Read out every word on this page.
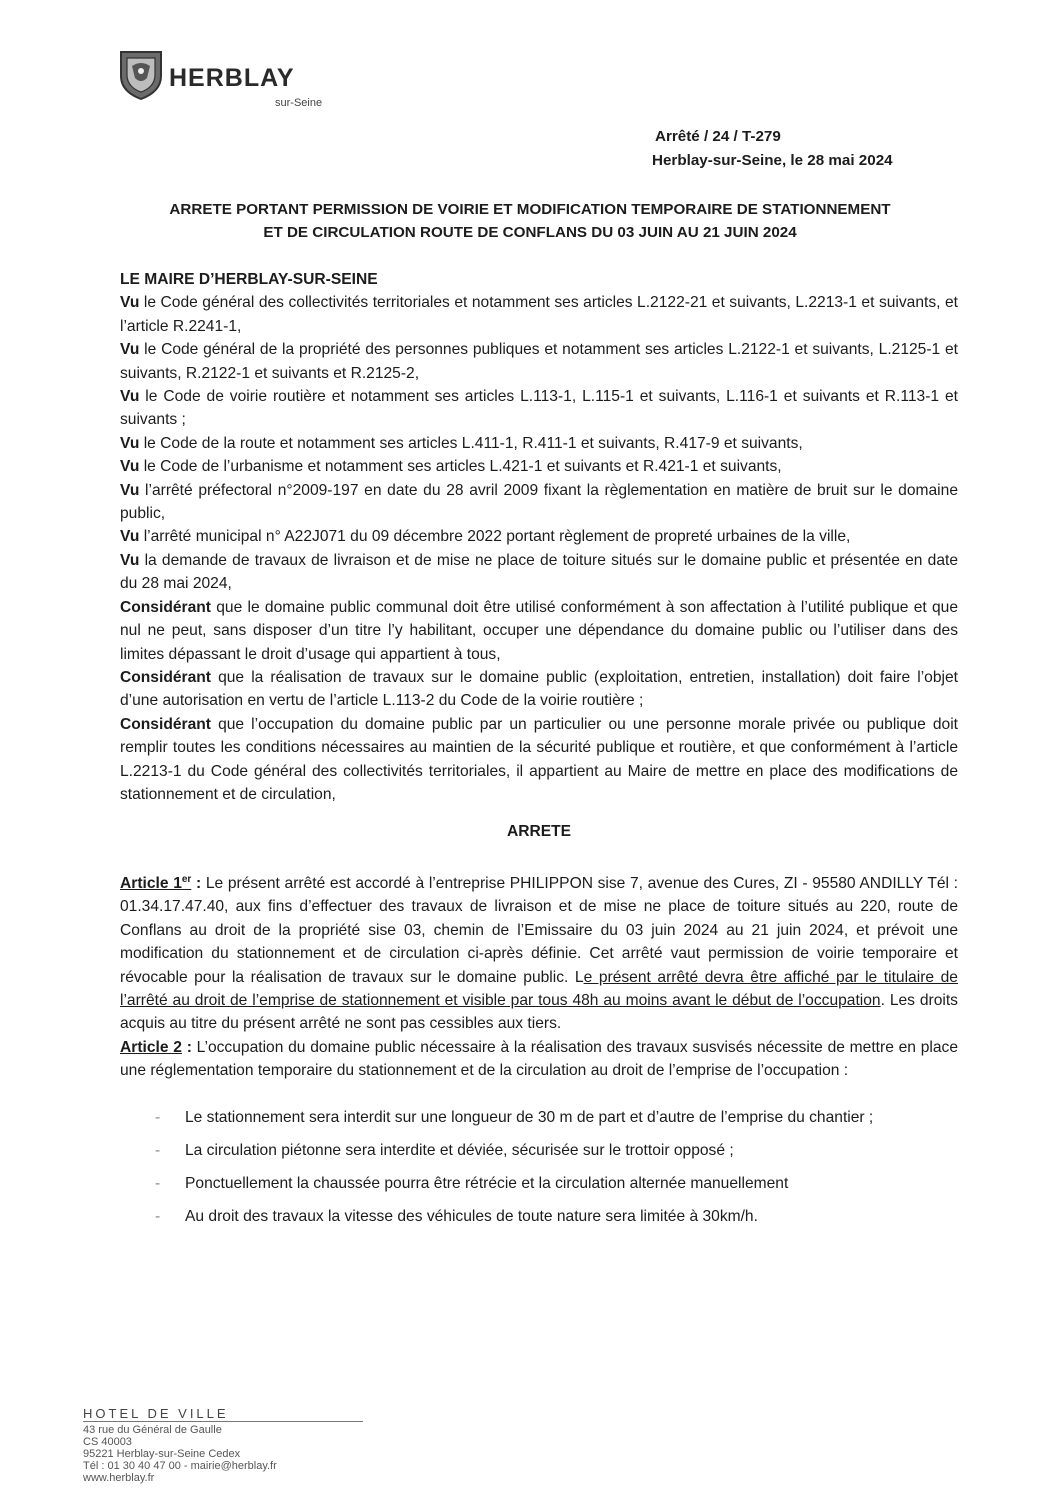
HERBLAY
sur-Seine
Arrêté / 24 / T-279
Herblay-sur-Seine, le 28 mai 2024
ARRETE PORTANT PERMISSION DE VOIRIE ET MODIFICATION TEMPORAIRE DE STATIONNEMENT
ET DE CIRCULATION ROUTE DE CONFLANS DU 03 JUIN AU 21 JUIN 2024

LE MAIRE D’HERBLAY-SUR-SEINE

Vu le Code général des collectivités territoriales et notamment ses articles L.2122-21 et suivants, L.2213-1 et suivants, et l’article R.2241-1,

Vu le Code général de la propriété des personnes publiques et notamment ses articles L.2122-1 et suivants, L.2125-1 et suivants, R.2122-1 et suivants et R.2125-2,

Vu le Code de voirie routière et notamment ses articles L.113-1, L.115-1 et suivants, L.116-1 et suivants et R.113-1 et suivants ;

Vu le Code de la route et notamment ses articles L.411-1, R.411-1 et suivants, R.417-9 et suivants,

Vu le Code de l’urbanisme et notamment ses articles L.421-1 et suivants et R.421-1 et suivants,

Vu l’arrêté préfectoral n°2009-197 en date du 28 avril 2009 fixant la règlementation en matière de bruit sur le domaine public,

Vu l’arrêté municipal n° A22J071 du 09 décembre 2022 portant règlement de propreté urbaines de la ville,

Vu la demande de travaux de livraison et de mise ne place de toiture situés sur le domaine public et présentée en date du 28 mai 2024,

Considérant que le domaine public communal doit être utilisé conformément à son affectation à l’utilité publique et que nul ne peut, sans disposer d’un titre l’y habilitant, occuper une dépendance du domaine public ou l’utiliser dans des limites dépassant le droit d’usage qui appartient à tous,

Considérant que la réalisation de travaux sur le domaine public (exploitation, entretien, installation) doit faire l’objet d’une autorisation en vertu de l’article L.113-2 du Code de la voirie routière ;

Considérant que l’occupation du domaine public par un particulier ou une personne morale privée ou publique doit remplir toutes les conditions nécessaires au maintien de la sécurité publique et routière, et que conformément à l’article L.2213-1 du Code général des collectivités territoriales, il appartient au Maire de mettre en place des modifications de stationnement et de circulation,

ARRETE

Article 1er : Le présent arrêté est accordé à l’entreprise PHILIPPON sise 7, avenue des Cures, ZI - 95580 ANDILLY Tél : 01.34.17.47.40, aux fins d’effectuer des travaux de livraison et de mise ne place de toiture situés au 220, route de Conflans au droit de la propriété sise 03, chemin de l’Emissaire du 03 juin 2024 au 21 juin 2024, et prévoit une modification du stationnement et de circulation ci-après définie. Cet arrêté vaut permission de voirie temporaire et révocable pour la réalisation de travaux sur le domaine public. Le présent arrêté devra être affiché par le titulaire de l’arrêté au droit de l’emprise de stationnement et visible par tous 48h au moins avant le début de l’occupation. Les droits acquis au titre du présent arrêté ne sont pas cessibles aux tiers.

Article 2 : L’occupation du domaine public nécessaire à la réalisation des travaux susvisés nécessite de mettre en place une réglementation temporaire du stationnement et de la circulation au droit de l’emprise de l’occupation :

- Le stationnement sera interdit sur une longueur de 30 m de part et d’autre de l’emprise du chantier ;
- La circulation piétonne sera interdite et déviée, sécurisée sur le trottoir opposé ;
- Ponctuellement la chaussée pourra être rétrécie et la circulation alternée manuellement
- Au droit des travaux la vitesse des véhicules de toute nature sera limitée à 30km/h.
HOTEL DE VILLE
43 rue du Général de Gaulle
CS 40003
95221 Herblay-sur-Seine Cedex
Tél : 01 30 40 47 00 - mairie@herblay.fr
www.herblay.fr
